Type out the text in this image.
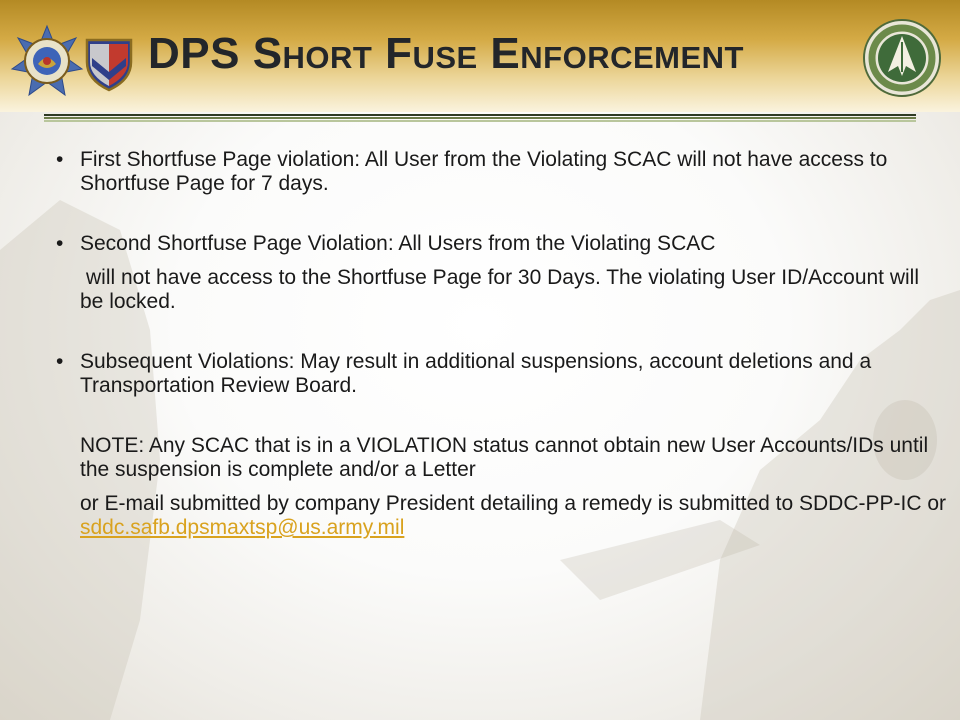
DPS Short Fuse Enforcement
• First Shortfuse Page violation: All User from the Violating SCAC will not have access to Shortfuse Page for 7 days.

• Second Shortfuse Page Violation: All Users from the Violating SCAC

will not have access to the Shortfuse Page for 30 Days. The violating User ID/Account will be locked.

• Subsequent Violations: May result in additional suspensions, account deletions and a Transportation Review Board.

NOTE: Any SCAC that is in a VIOLATION status cannot obtain new User Accounts/IDs until the suspension is complete and/or a Letter

or E-mail submitted by company President detailing a remedy is submitted to SDDC-PP-IC or sddc.safb.dpsmaxtsp@us.army.mil
